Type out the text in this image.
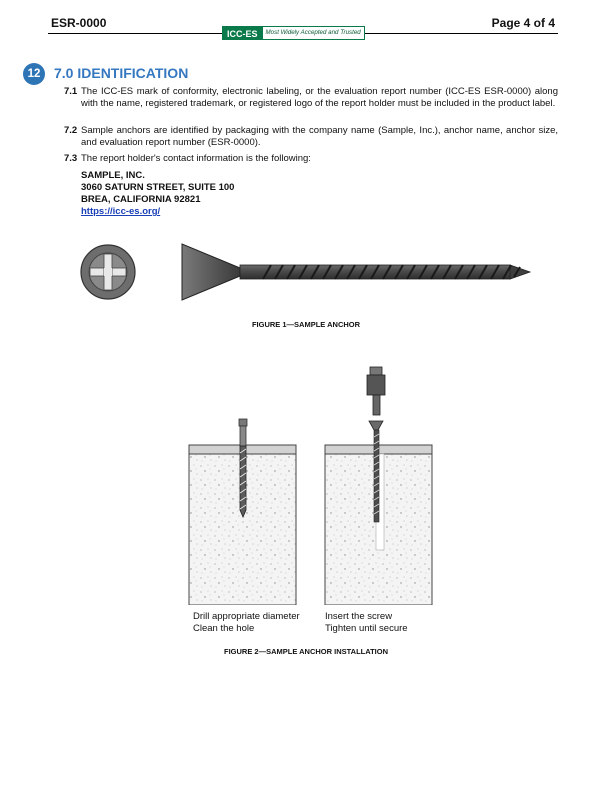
ESR-0000	Page 4 of 4
ICC-ES	Most Widely Accepted and Trusted
12 7.0 IDENTIFICATION
7.1 The ICC-ES mark of conformity, electronic labeling, or the evaluation report number (ICC-ES ESR-0000) along with the name, registered trademark, or registered logo of the report holder must be included in the product label.
7.2 Sample anchors are identified by packaging with the company name (Sample, Inc.), anchor name, anchor size, and evaluation report number (ESR-0000).
7.3 The report holder's contact information is the following:
SAMPLE, INC.
3060 SATURN STREET, SUITE 100
BREA, CALIFORNIA 92821
https://icc-es.org/
FIGURE 1—SAMPLE ANCHOR
Drill appropriate diameter
Clean the hole
Insert the screw
Tighten until secure
FIGURE 2—SAMPLE ANCHOR INSTALLATION
